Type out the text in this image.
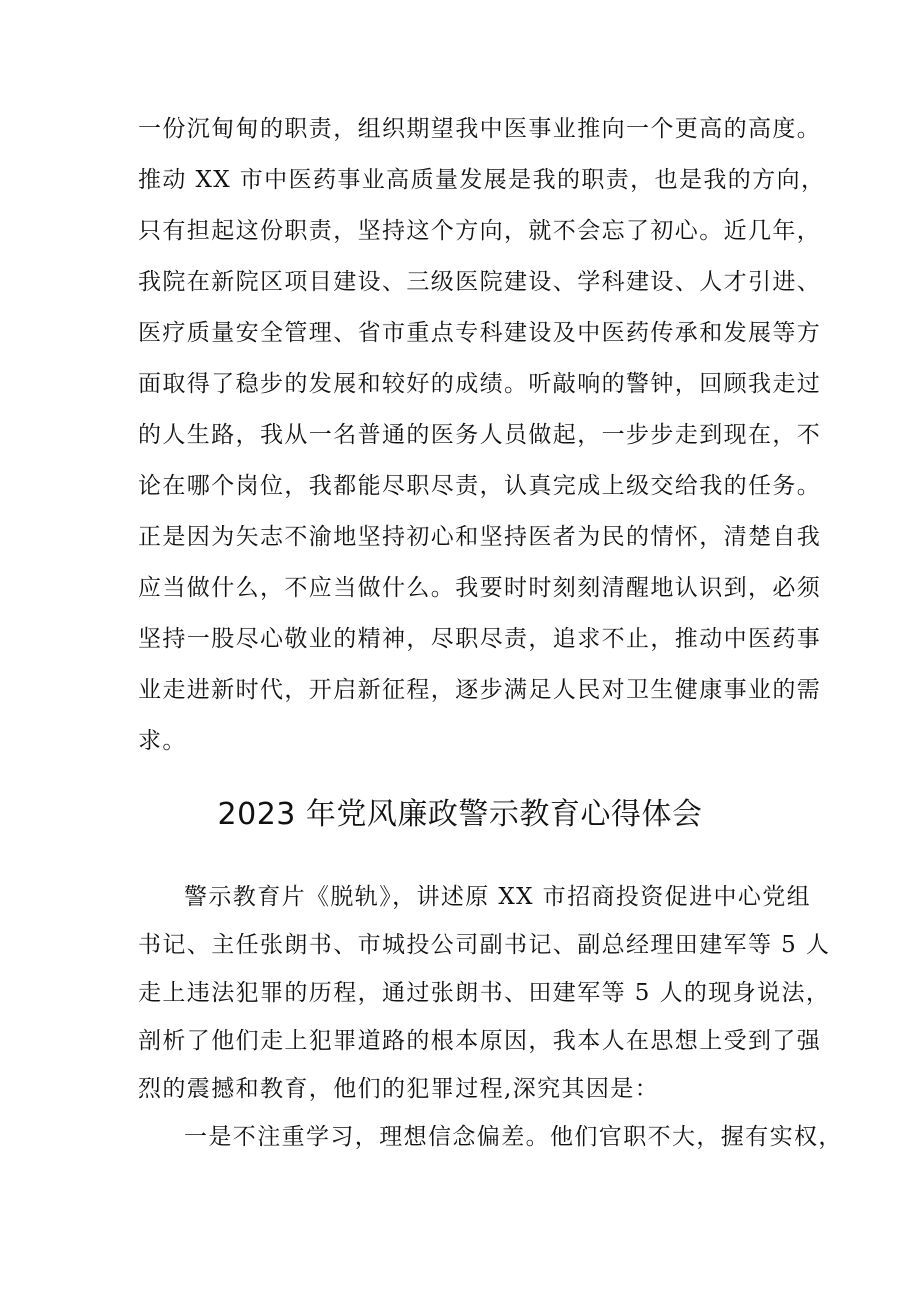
一份沉甸甸的职责，组织期望我中医事业推向一个更高的高度。
推动 XX 市中医药事业高质量发展是我的职责，也是我的方向，
只有担起这份职责，坚持这个方向，就不会忘了初心。近几年，
我院在新院区项目建设、三级医院建设、学科建设、人才引进、
医疗质量安全管理、省市重点专科建设及中医药传承和发展等方
面取得了稳步的发展和较好的成绩。听敲响的警钟，回顾我走过
的人生路，我从一名普通的医务人员做起，一步步走到现在，不
论在哪个岗位，我都能尽职尽责，认真完成上级交给我的任务。
正是因为矢志不渝地坚持初心和坚持医者为民的情怀，清楚自我
应当做什么，不应当做什么。我要时时刻刻清醒地认识到，必须
坚持一股尽心敬业的精神，尽职尽责，追求不止，推动中医药事
业走进新时代，开启新征程，逐步满足人民对卫生健康事业的需
求。
2023 年党风廉政警示教育心得体会
警示教育片《脱轨》，讲述原 XX 市招商投资促进中心党组
书记、主任张朗书、市城投公司副书记、副总经理田建军等 5 人
走上违法犯罪的历程，通过张朗书、田建军等 5 人的现身说法，
剖析了他们走上犯罪道路的根本原因，我本人在思想上受到了强
烈的震撼和教育，他们的犯罪过程,深究其因是：
一是不注重学习，理想信念偏差。他们官职不大，握有实权，
